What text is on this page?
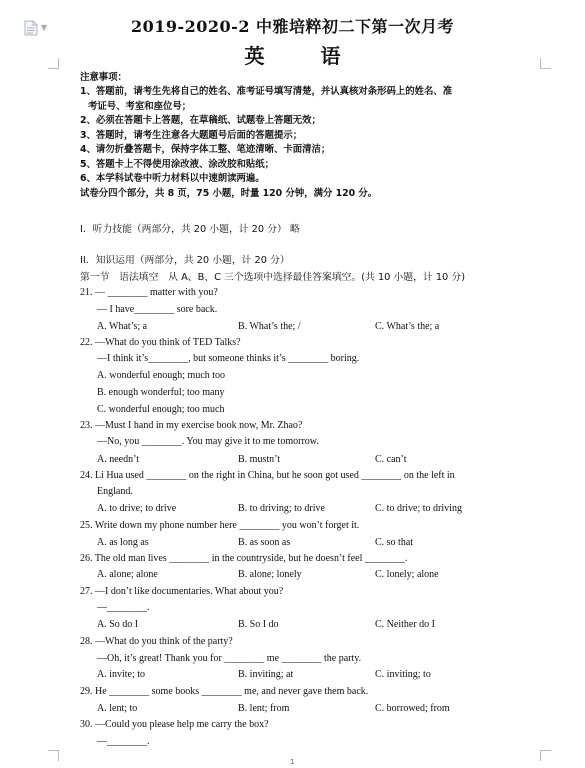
▼	2019-2020-2 中雅培粹初二下第一次月考
英　语
注意事项：
1、答题前，请考生先将自己的姓名、准考证号填写清楚，并认真核对条形码上的姓名、准
考证号、考室和座位号；
2、必须在答题卡上答题，在草稿纸、试题卷上答题无效；
3、答题时，请考生注意各大题题号后面的答题提示；
4、请勿折叠答题卡，保持字体工整、笔迹清晰、卡面清洁；
5、答题卡上不得使用涂改液、涂改胶和贴纸；
6、本学科试卷中听力材料以中速朗读两遍。
试卷分四个部分，共 8 页，75 小题，时量 120 分钟，满分 120 分。
I．听力技能（两部分，共 20 小题，计 20 分） 略
II．知识运用（两部分，共 20 小题，计 20 分）
第一节　语法填空　从 A、B、C 三个选项中选择最佳答案填空。(共 10 小题，计 10 分)
21. — ________ matter with you?
— I have________ sore back.
A. What’s; a	B. What’s the; /	C. What’s the; a
22. —What do you think of TED Talks?
—I think it’s________, but someone thinks it’s ________ boring.
A. wonderful enough; much too
B. enough wonderful; too many
C. wonderful enough; too much
23. —Must I hand in my exercise book now, Mr. Zhao?
—No, you ________. You may give it to me tomorrow.
A. needn’t	B. mustn’t	C. can’t
24. Li Hua used ________ on the right in China, but he soon got used ________ on the left in
England.
A. to drive; to drive	B. to driving; to drive	C. to drive; to driving
25. Write down my phone number here ________ you won’t forget it.
A. as long as	B. as soon as	C. so that
26. The old man lives ________ in the countryside, but he doesn’t feel ________.
A. alone; alone	B. alone; lonely	C. lonely; alone
27. —I don’t like documentaries. What about you?
—________.
A. So do I	B. So I do	C. Neither do I
28. —What do you think of the party?
—Oh, it’s great! Thank you for ________ me ________ the party.
A. invite; to	B. inviting; at	C. inviting; to
29. He ________ some books ________ me, and never gave them back.
A. lent; to	B. lent; from	C. borrowed; from
30. —Could you please help me carry the box?
—________.
1
